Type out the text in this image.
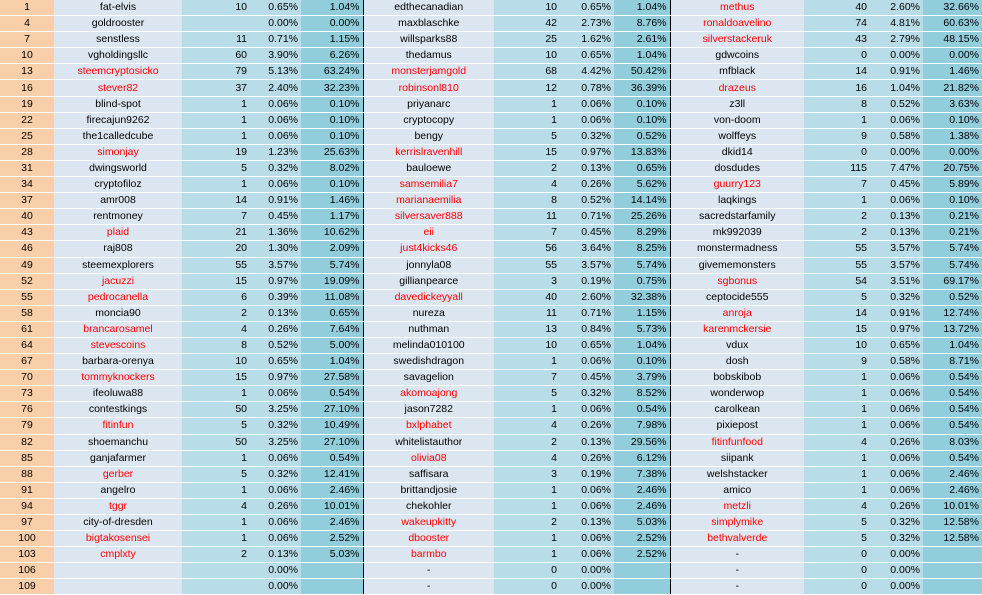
1	fat-elvis	10	0.65%	1.04%	edthecanadian	10	0.65%	1.04%	methus	40	2.60%	32.66%
4	goldrooster		0.00%	0.00%	maxblaschke	42	2.73%	8.76%	ronaldoavelino	74	4.81%	60.63%
7	senstless	11	0.71%	1.15%	willsparks88	25	1.62%	2.61%	silverstackeruk	43	2.79%	48.15%
10	vgholdingsllc	60	3.90%	6.26%	thedamus	10	0.65%	1.04%	gdwcoins	0	0.00%	0.00%
13	steemcryptosicko	79	5.13%	63.24%	monsterjamgold	68	4.42%	50.42%	mfblack	14	0.91%	1.46%
16	stever82	37	2.40%	32.23%	robinsonl810	12	0.78%	36.39%	drazeus	16	1.04%	21.82%
19	blind-spot	1	0.06%	0.10%	priyanarc	1	0.06%	0.10%	z3ll	8	0.52%	3.63%
22	firecajun9262	1	0.06%	0.10%	cryptocopy	1	0.06%	0.10%	von-doom	1	0.06%	0.10%
25	the1calledcube	1	0.06%	0.10%	bengy	5	0.32%	0.52%	wolffeys	9	0.58%	1.38%
28	simonjay	19	1.23%	25.63%	kerrislravenhill	15	0.97%	13.83%	dkid14	0	0.00%	0.00%
31	dwingsworld	5	0.32%	8.02%	bauloewe	2	0.13%	0.65%	dosdudes	115	7.47%	20.75%
34	cryptofiloz	1	0.06%	0.10%	samsemilia7	4	0.26%	5.62%	guurry123	7	0.45%	5.89%
37	amr008	14	0.91%	1.46%	marianaemilia	8	0.52%	14.14%	laqkings	1	0.06%	0.10%
40	rentmoney	7	0.45%	1.17%	silversaver888	11	0.71%	25.26%	sacredstarfamily	2	0.13%	0.21%
43	plaid	21	1.36%	10.62%	eii	7	0.45%	8.29%	mk992039	2	0.13%	0.21%
46	raj808	20	1.30%	2.09%	just4kicks46	56	3.64%	8.25%	monstermadness	55	3.57%	5.74%
49	steemexplorers	55	3.57%	5.74%	jonnyla08	55	3.57%	5.74%	givememonsters	55	3.57%	5.74%
52	jacuzzi	15	0.97%	19.09%	gillianpearce	3	0.19%	0.75%	sgbonus	54	3.51%	69.17%
55	pedrocanella	6	0.39%	11.08%	davedickeyyall	40	2.60%	32.38%	ceptocide555	5	0.32%	0.52%
58	moncia90	2	0.13%	0.65%	nureza	11	0.71%	1.15%	anroja	14	0.91%	12.74%
61	brancarosamel	4	0.26%	7.64%	nuthman	13	0.84%	5.73%	karenmckersie	15	0.97%	13.72%
64	stevescoins	8	0.52%	5.00%	melinda010100	10	0.65%	1.04%	vdux	10	0.65%	1.04%
67	barbara-orenya	10	0.65%	1.04%	swedishdragon	1	0.06%	0.10%	dosh	9	0.58%	8.71%
70	tommyknockers	15	0.97%	27.58%	savagelion	7	0.45%	3.79%	bobskibob	1	0.06%	0.54%
73	ifeoluwa88	1	0.06%	0.54%	akomoajong	5	0.32%	8.52%	wonderwop	1	0.06%	0.54%
76	contestkings	50	3.25%	27.10%	jason7282	1	0.06%	0.54%	carolkean	1	0.06%	0.54%
79	fitinfun	5	0.32%	10.49%	bxlphabet	4	0.26%	7.98%	pixiepost	1	0.06%	0.54%
82	shoemanchu	50	3.25%	27.10%	whitelistauthor	2	0.13%	29.56%	fitinfunfood	4	0.26%	8.03%
85	ganjafarmer	1	0.06%	0.54%	olivia08	4	0.26%	6.12%	siipank	1	0.06%	0.54%
88	gerber	5	0.32%	12.41%	saffisara	3	0.19%	7.38%	welshstacker	1	0.06%	2.46%
91	angelro	1	0.06%	2.46%	brittandjosie	1	0.06%	2.46%	amico	1	0.06%	2.46%
94	tggr	4	0.26%	10.01%	chekohler	1	0.06%	2.46%	metzli	4	0.26%	10.01%
97	city-of-dresden	1	0.06%	2.46%	wakeupkitty	2	0.13%	5.03%	simplymike	5	0.32%	12.58%
100	bigtakosensei	1	0.06%	2.52%	dbooster	1	0.06%	2.52%	bethvalverde	5	0.32%	12.58%
103	cmplxty	2	0.13%	5.03%	barmbo	1	0.06%	2.52%	-	0	0.00%	
106			0.00%		-	0	0.00%		-	0	0.00%	
109			0.00%		-	0	0.00%		-	0	0.00%	
